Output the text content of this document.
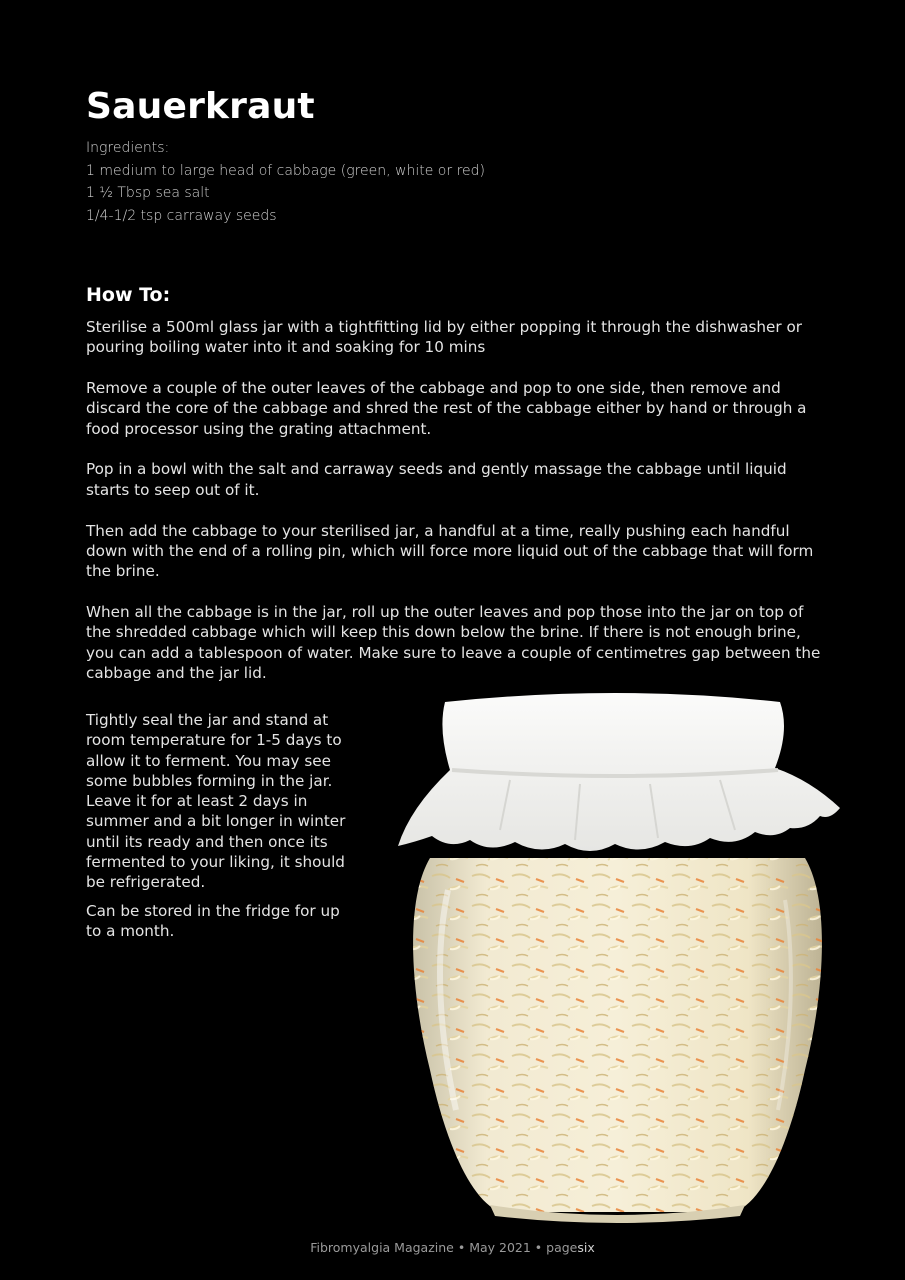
Sauerkraut
Ingredients:
1 medium to large head of cabbage (green, white or red)
1 ½ Tbsp sea salt
1/4-1/2 tsp carraway seeds
How To:

Sterilise a 500ml glass jar with a tightfitting lid by either popping it through the dishwasher or pouring boiling water into it and soaking for 10 mins

Remove a couple of the outer leaves of the cabbage and pop to one side, then remove and discard the core of the cabbage and shred the rest of the cabbage either by hand or through a food processor using the grating attachment.

Pop in a bowl with the salt and carraway seeds and gently massage the cabbage until liquid starts to seep out of it.

Then add the cabbage to your sterilised jar, a handful at a time, really pushing each handful down with the end of a rolling pin, which will force more liquid out of the cabbage that will form the brine.

When all the cabbage is in the jar, roll up the outer leaves and pop those into the jar on top of the shredded cabbage which will keep this down below the brine. If there is not enough brine, you can add a tablespoon of water. Make sure to leave a couple of centimetres gap between the cabbage and the jar lid.

Tightly seal the jar and stand at room temperature for 1-5 days to allow it to ferment. You may see some bubbles forming in the jar. Leave it for at least 2 days in summer and a bit longer in winter until its ready and then once its fermented to your liking, it should be refrigerated.

Can be stored in the fridge for up to a month.

Fibromyalgia Magazine • May 2021 • pagesix
